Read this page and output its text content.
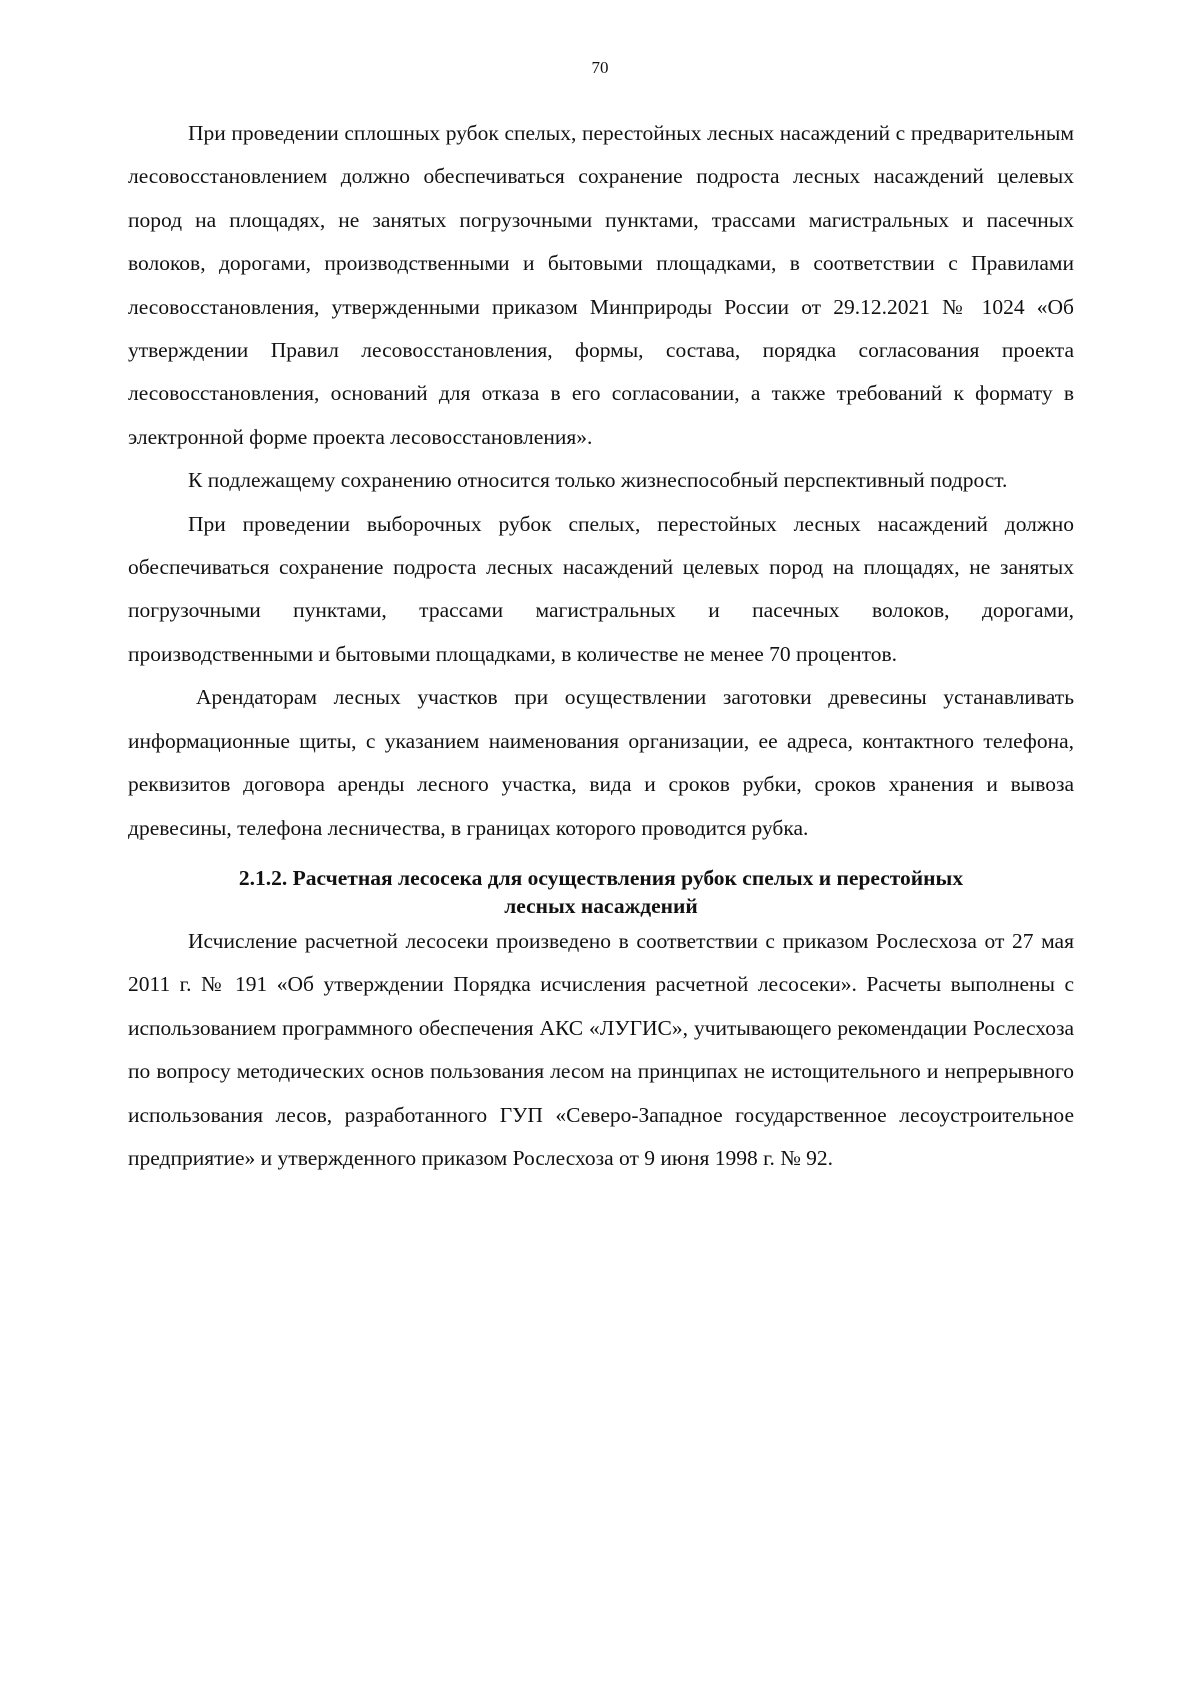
70

При проведении сплошных рубок спелых, перестойных лесных насаждений с предварительным лесовосстановлением должно обеспечиваться сохранение подроста лесных насаждений целевых пород на площадях, не занятых погрузочными пунктами, трассами магистральных и пасечных волоков, дорогами, производственными и бытовыми площадками, в соответствии с Правилами лесовосстановления, утвержденными приказом Минприроды России от 29.12.2021 № 1024 «Об утверждении Правил лесовосстановления, формы, состава, порядка согласования проекта лесовосстановления, оснований для отказа в его согласовании, а также требований к формату в электронной форме проекта лесовосстановления».

К подлежащему сохранению относится только жизнеспособный перспективный подрост.

При проведении выборочных рубок спелых, перестойных лесных насаждений должно обеспечиваться сохранение подроста лесных насаждений целевых пород на площадях, не занятых погрузочными пунктами, трассами магистральных и пасечных волоков, дорогами, производственными и бытовыми площадками, в количестве не менее 70 процентов.

Арендаторам лесных участков при осуществлении заготовки древесины устанавливать информационные щиты, с указанием наименования организации, ее адреса, контактного телефона, реквизитов договора аренды лесного участка, вида и сроков рубки, сроков хранения и вывоза древесины, телефона лесничества, в границах которого проводится рубка.

2.1.2. Расчетная лесосека для осуществления рубок спелых и перестойных
лесных насаждений

Исчисление расчетной лесосеки произведено в соответствии с приказом Рослесхоза от 27 мая 2011 г. № 191 «Об утверждении Порядка исчисления расчетной лесосеки». Расчеты выполнены с использованием программного обеспечения АКС «ЛУГИС», учитывающего рекомендации Рослесхоза по вопросу методических основ пользования лесом на принципах не истощительного и непрерывного использования лесов, разработанного ГУП «Северо-Западное государственное лесоустроительное предприятие» и утвержденного приказом Рослесхоза от 9 июня 1998 г. № 92.
